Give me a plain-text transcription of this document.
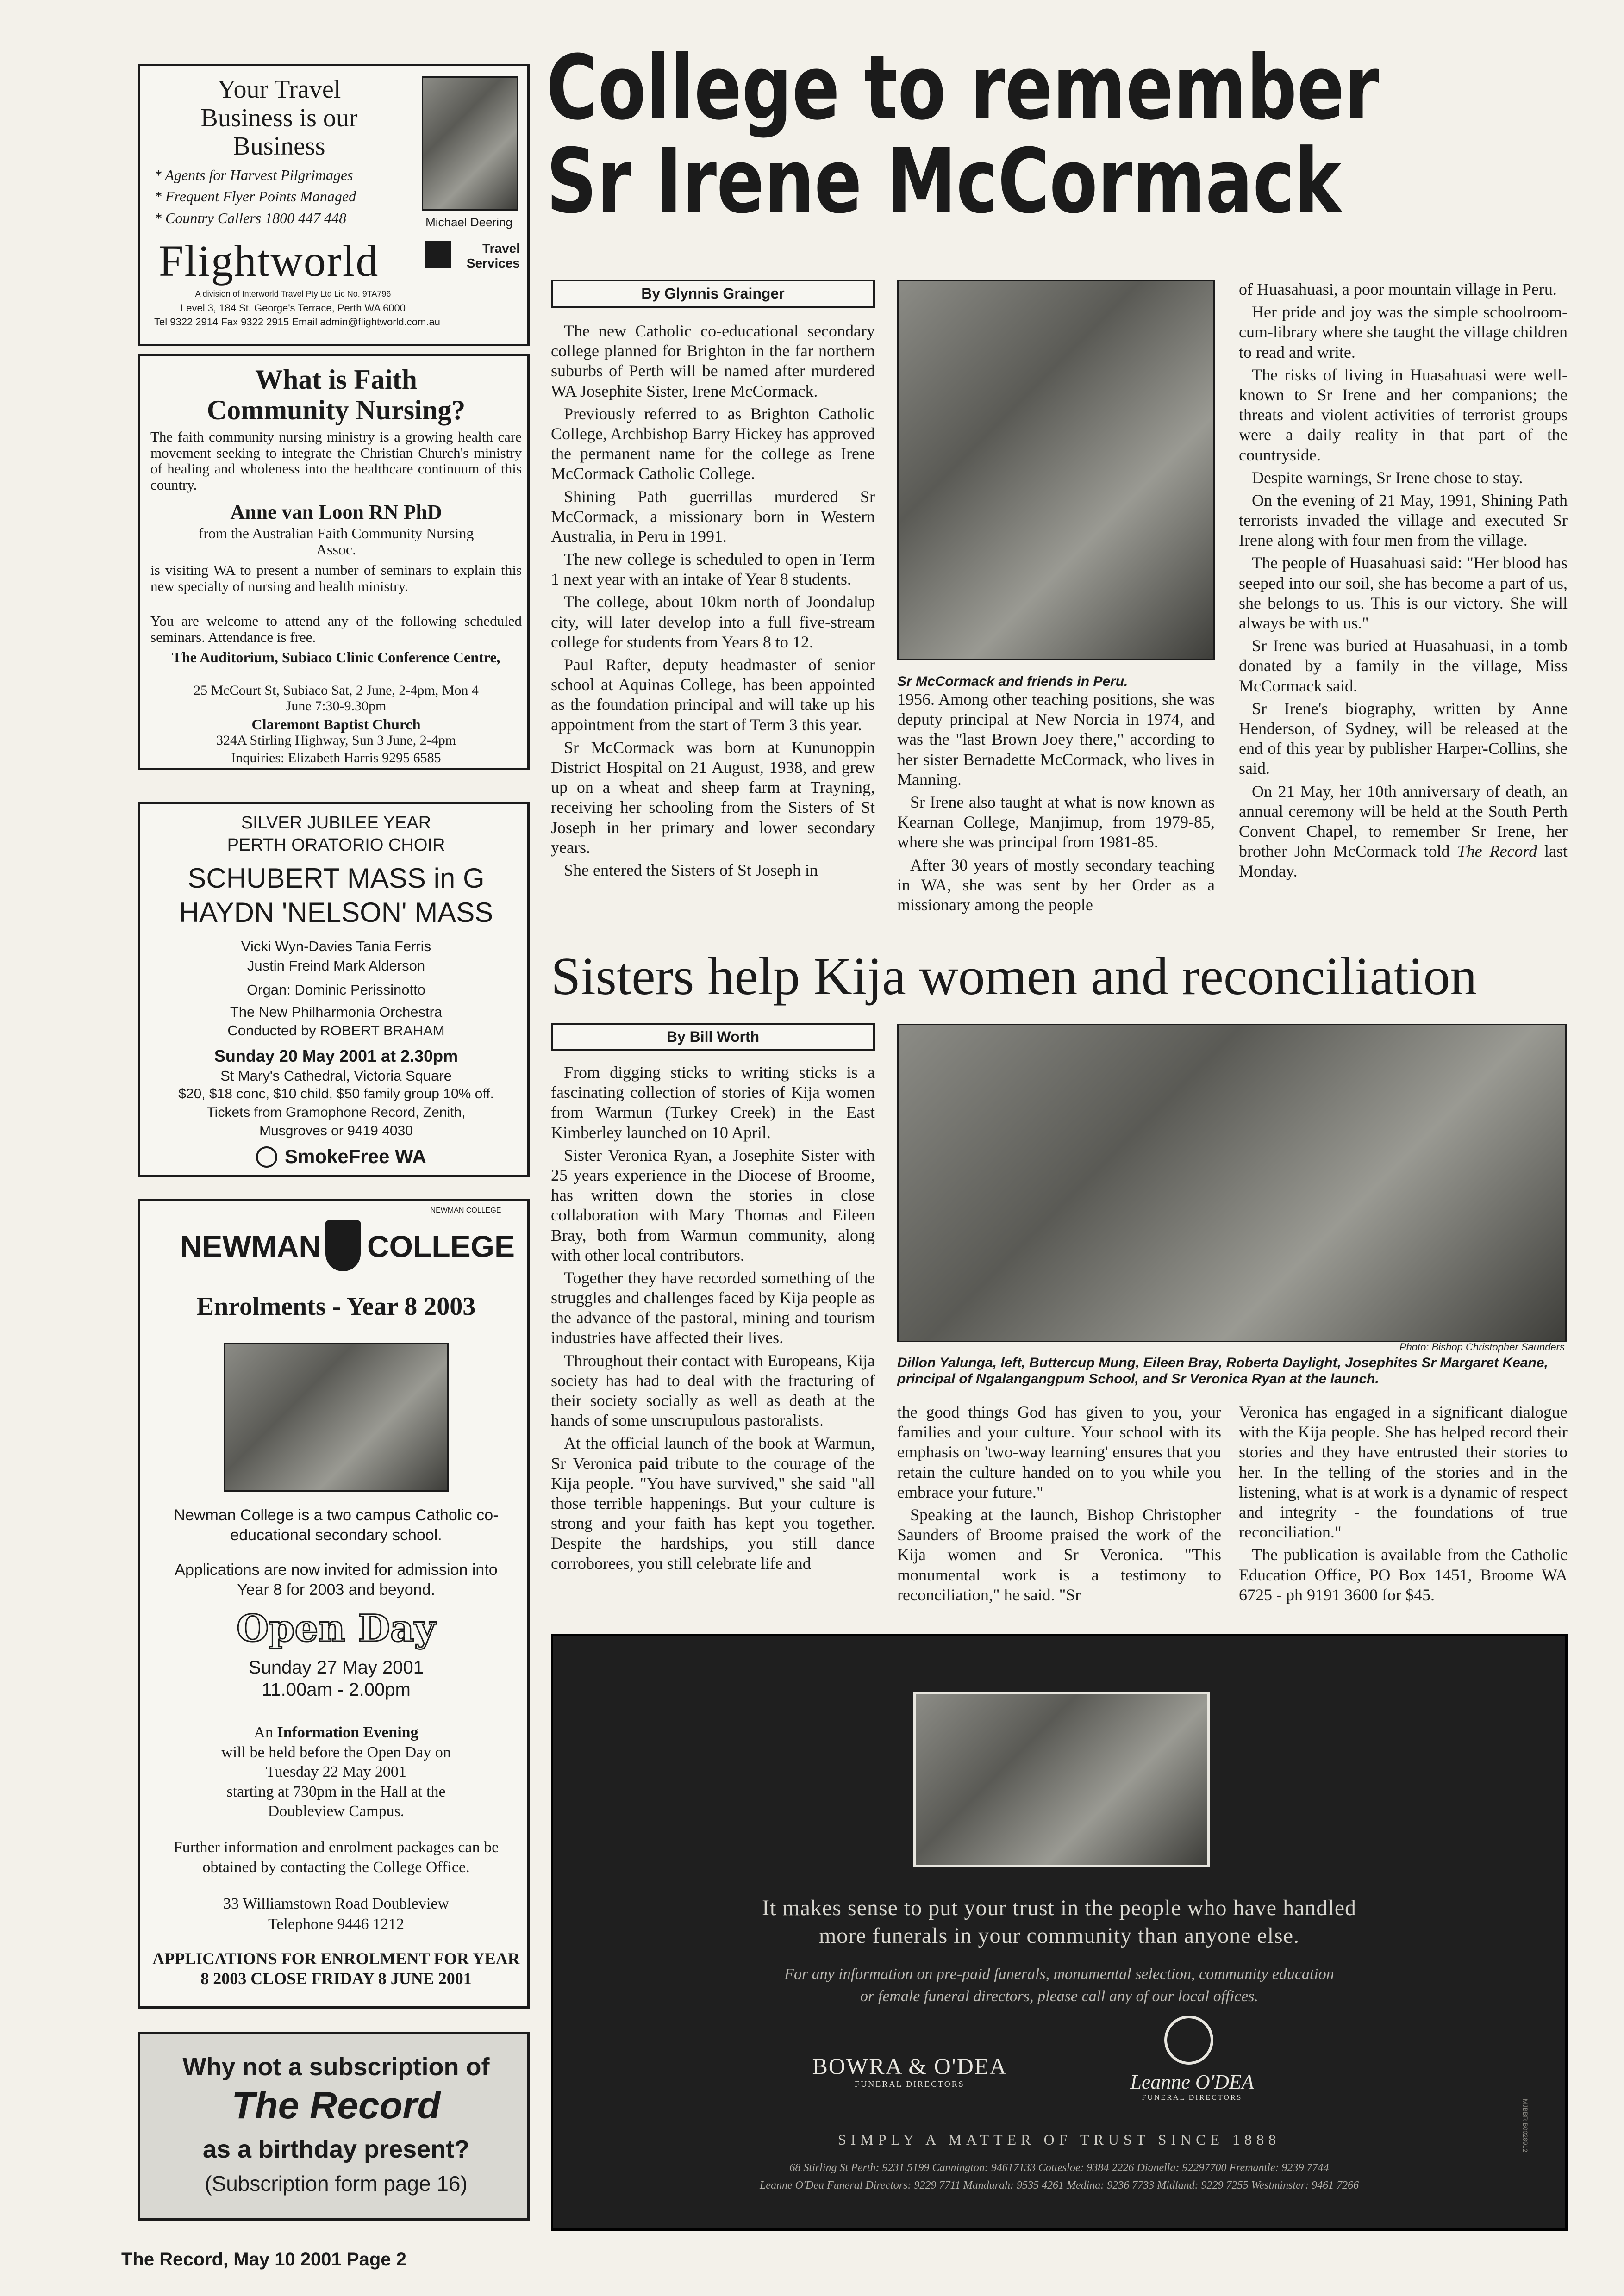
Your Travel
Business is our
Business
* Agents for Harvest Pilgrimages
* Frequent Flyer Points Managed
* Country Callers 1800 447 448	Michael Deering
Flightworld	Travel Services
A division of Interworld Travel Pty Ltd Lic No. 9TA796
Level 3, 184 St. George's Terrace, Perth WA 6000
Tel 9322 2914 Fax 9322 2915 Email admin@flightworld.com.au
What is Faith
Community Nursing?
The faith community nursing ministry is a growing health care movement seeking to integrate the Christian Church's ministry of healing and wholeness into the healthcare continuum of this country.
Anne van Loon RN PhD
from the Australian Faith Community Nursing Assoc.
is visiting WA to present a number of seminars to explain this new specialty of nursing and health ministry.
You are welcome to attend any of the following scheduled seminars. Attendance is free.
The Auditorium, Subiaco Clinic Conference Centre,
25 McCourt St, Subiaco Sat, 2 June, 2-4pm, Mon 4 June 7:30-9.30pm
Claremont Baptist Church
324A Stirling Highway, Sun 3 June, 2-4pm
Inquiries: Elizabeth Harris 9295 6585
SILVER JUBILEE YEAR
PERTH ORATORIO CHOIR
SCHUBERT MASS in G
HAYDN 'NELSON' MASS
Vicki Wyn-Davies Tania Ferris
Justin Freind Mark Alderson
Organ: Dominic Perissinotto
The New Philharmonia Orchestra
Conducted by ROBERT BRAHAM
Sunday 20 May 2001 at 2.30pm
St Mary's Cathedral, Victoria Square
$20, $18 conc, $10 child, $50 family group 10% off.
Tickets from Gramophone Record, Zenith,
Musgroves or 9419 4030
SmokeFree WA
NEWMAN COLLEGE
NEWMAN COLLEGE
Enrolments - Year 8 2003
Newman College is a two campus Catholic co-educational secondary school.
Applications are now invited for admission into Year 8 for 2003 and beyond.
Open Day
Sunday 27 May 2001
11.00am - 2.00pm
An Information Evening
will be held before the Open Day on
Tuesday 22 May 2001
starting at 730pm in the Hall at the
Doubleview Campus.
Further information and enrolment packages can be obtained by contacting the College Office.
33 Williamstown Road Doubleview
Telephone 9446 1212
APPLICATIONS FOR ENROLMENT FOR YEAR 8 2003 CLOSE FRIDAY 8 JUNE 2001
Why not a subscription of
The Record
as a birthday present?
(Subscription form page 16)
The Record, May 10 2001 Page 2
College to remember
Sr Irene McCormack
By Glynnis Grainger

The new Catholic co-educational secondary college planned for Brighton in the far northern suburbs of Perth will be named after murdered WA Josephite Sister, Irene McCormack.

Previously referred to as Brighton Catholic College, Archbishop Barry Hickey has approved the permanent name for the college as Irene McCormack Catholic College.

Shining Path guerrillas murdered Sr McCormack, a missionary born in Western Australia, in Peru in 1991.

The new college is scheduled to open in Term 1 next year with an intake of Year 8 students.

The college, about 10km north of Joondalup city, will later develop into a full five-stream college for students from Years 8 to 12.

Paul Rafter, deputy headmaster of senior school at Aquinas College, has been appointed as the foundation principal and will take up his appointment from the start of Term 3 this year.

Sr McCormack was born at Kununoppin District Hospital on 21 August, 1938, and grew up on a wheat and sheep farm at Trayning, receiving her schooling from the Sisters of St Joseph in her primary and lower secondary years.

She entered the Sisters of St Joseph in

Sr McCormack and friends in Peru.

1956. Among other teaching positions, she was deputy principal at New Norcia in 1974, and was the "last Brown Joey there," according to her sister Bernadette McCormack, who lives in Manning.

Sr Irene also taught at what is now known as Kearnan College, Manjimup, from 1979-85, where she was principal from 1981-85.

After 30 years of mostly secondary teaching in WA, she was sent by her Order as a missionary among the people

of Huasahuasi, a poor mountain village in Peru.

Her pride and joy was the simple schoolroom-cum-library where she taught the village children to read and write.

The risks of living in Huasahuasi were well-known to Sr Irene and her companions; the threats and violent activities of terrorist groups were a daily reality in that part of the countryside.

Despite warnings, Sr Irene chose to stay.

On the evening of 21 May, 1991, Shining Path terrorists invaded the village and executed Sr Irene along with four men from the village.

The people of Huasahuasi said: "Her blood has seeped into our soil, she has become a part of us, she belongs to us. This is our victory. She will always be with us."

Sr Irene was buried at Huasahuasi, in a tomb donated by a family in the village, Miss McCormack said.

Sr Irene's biography, written by Anne Henderson, of Sydney, will be released at the end of this year by publisher Harper-Collins, she said.

On 21 May, her 10th anniversary of death, an annual ceremony will be held at the South Perth Convent Chapel, to remember Sr Irene, her brother John McCormack told The Record last Monday.

Sisters help Kija women and reconciliation
By Bill Worth

From digging sticks to writing sticks is a fascinating collection of stories of Kija women from Warmun (Turkey Creek) in the East Kimberley launched on 10 April.

Sister Veronica Ryan, a Josephite Sister with 25 years experience in the Diocese of Broome, has written down the stories in close collaboration with Mary Thomas and Eileen Bray, both from Warmun community, along with other local contributors.

Together they have recorded something of the struggles and challenges faced by Kija people as the advance of the pastoral, mining and tourism industries have affected their lives.

Throughout their contact with Europeans, Kija society has had to deal with the fracturing of their society socially as well as death at the hands of some unscrupulous pastoralists.

At the official launch of the book at Warmun, Sr Veronica paid tribute to the courage of the Kija people. "You have survived," she said "all those terrible happenings. But your culture is strong and your faith has kept you together. Despite the hardships, you still dance corroborees, you still celebrate life and

Photo: Bishop Christopher Saunders
Dillon Yalunga, left, Buttercup Mung, Eileen Bray, Roberta Daylight, Josephites Sr Margaret Keane, principal of Ngalangangpum School, and Sr Veronica Ryan at the launch.

the good things God has given to you, your families and your culture. Your school with its emphasis on 'two-way learning' ensures that you retain the culture handed on to you while you embrace your future."

Speaking at the launch, Bishop Christopher Saunders of Broome praised the work of the Kija women and Sr Veronica. "This monumental work is a testimony to reconciliation," he said. "Sr

Veronica has engaged in a significant dialogue with the Kija people. She has helped record their stories and they have entrusted their stories to her. In the telling of the stories and in the listening, what is at work is a dynamic of respect and integrity - the foundations of true reconciliation."

The publication is available from the Catholic Education Office, PO Box 1451, Broome WA 6725 - ph 9191 3600 for $45.

It makes sense to put your trust in the people who have handled
more funerals in your community than anyone else.
For any information on pre-paid funerals, monumental selection, community education
or female funeral directors, please call any of our local offices.
BOWRA & O'DEA
FUNERAL DIRECTORS	Leanne O'DEA
FUNERAL DIRECTORS
SIMPLY A MATTER OF TRUST SINCE 1888
68 Stirling St Perth: 9231 5199 Cannington: 94617133 Cottesloe: 9384 2226 Dianella: 92297700 Fremantle: 9239 7744
Leanne O'Dea Funeral Directors: 9229 7711 Mandurah: 9535 4261 Medina: 9236 7733 Midland: 9229 7255 Westminster: 9461 7266
MJBBR B0028912
